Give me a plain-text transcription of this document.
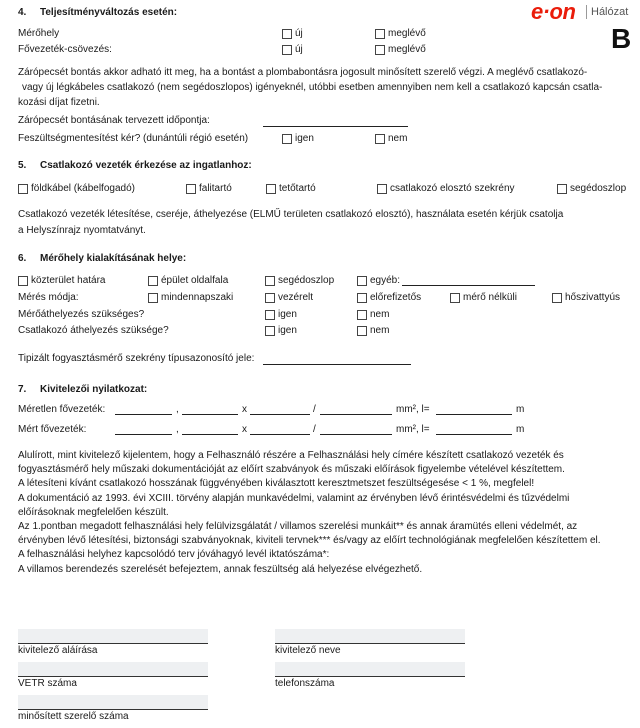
e·on Hálózat
B
4. Teljesítményváltozás esetén:
Mérőhely	új	meglévő
Fővezeték-csövezés:	új	meglévő
Zárópecsét bontás akkor adható itt meg, ha a bontást a plombabontásra jogosult minősített szerelő végzi. A meglévő csatlakozó-
vagy új légkábeles csatlakozó (nem segédoszlopos) igényeknél, utóbbi esetben amennyiben nem kell a csatlakozó kapcsán csatla-
kozási díjat fizetni.
Zárópecsét bontásának tervezett időpontja:
Feszültségmentesítést kér? (dunántúli régió esetén)	igen	nem
5. Csatlakozó vezeték érkezése az ingatlanhoz:
földkábel (kábelfogadó)	falitartó	tetőtartó	csatlakozó elosztó szekrény	segédoszlop
Csatlakozó vezeték létesítése, cseréje, áthelyezése (ELMŰ területen csatlakozó elosztó), használata esetén kérjük csatolja
a Helyszínrajz nyomtatványt.
6. Mérőhely kialakításának helye:
közterület határa	épület oldalfala	segédoszlop	egyéb:
Mérés módja:	mindennapszaki	vezérelt	előrefizetős	mérő nélküli	hőszivattyús
Mérőáthelyezés szükséges?	igen	nem
Csatlakozó áthelyezés szüksége?	igen	nem
Tipizált fogyasztásmérő szekrény típusazonosító jele:
7. Kivitelezői nyilatkozat:
Méretlen fővezeték:	,	x	/	mm², l=	m
Mért fővezeték:	,	x	/	mm², l=	m
Alulírott, mint kivitelező kijelentem, hogy a Felhasználó részére a Felhasználási hely címére készített csatlakozó vezeték és
fogyasztásmérő hely műszaki dokumentációját az előírt szabványok és műszaki előírások figyelembe vételével készítettem.
A létesíteni kívánt csatlakozó hosszának függvényében kiválasztott keresztmetszet feszültségesése < 1 %, megfelel!
A dokumentáció az 1993. évi XCIII. törvény alapján munkavédelmi, valamint az érvényben lévő érintésvédelmi és tűzvédelmi
előírásoknak megfelelően készült.
Az 1.pontban megadott felhasználási hely felülvizsgálatát / villamos szerelési munkáit** és annak áramütés elleni védelmét, az
érvényben lévő létesítési, biztonsági szabványoknak, kiviteli tervnek*** és/vagy az előírt technológiának megfelelően készítettem el.
A felhasználási helyhez kapcsolódó terv jóváhagyó levél iktatószáma*:
A villamos berendezés szerelését befejeztem, annak feszültség alá helyezése elvégezhető.
kivitelező aláírása	kivitelező neve
VETR száma	telefonszáma
minősített szerelő száma
